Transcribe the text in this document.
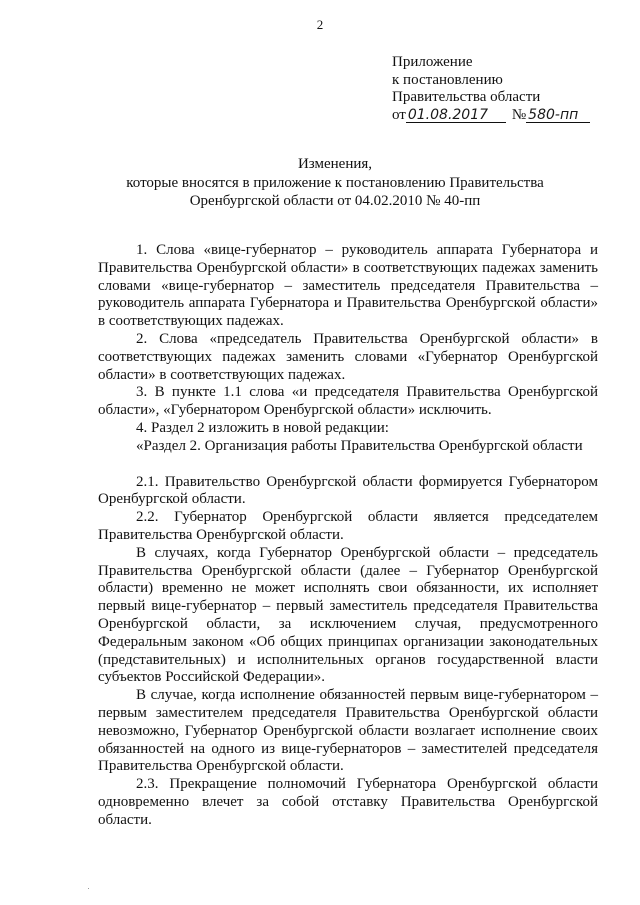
2
Приложение
к постановлению
Правительства области
от 01.08.2017	№ 580-пп
Изменения,
которые вносятся в приложение к постановлению Правительства
Оренбургской области от 04.02.2010 № 40-пп

1. Слова «вице-губернатор – руководитель аппарата Губернатора и Правительства Оренбургской области» в соответствующих падежах заменить словами «вице-губернатор – заместитель председателя Правительства – руководитель аппарата Губернатора и Правительства Оренбургской области» в соответствующих падежах.

2. Слова «председатель Правительства Оренбургской области» в соответствующих падежах заменить словами «Губернатор Оренбургской области» в соответствующих падежах.

3. В пункте 1.1 слова «и председателя Правительства Оренбургской области», «Губернатором Оренбургской области» исключить.

4. Раздел 2 изложить в новой редакции:

«Раздел 2. Организация работы Правительства Оренбургской области

2.1. Правительство Оренбургской области формируется Губернатором Оренбургской области.

2.2. Губернатор Оренбургской области является председателем Правительства Оренбургской области.

В случаях, когда Губернатор Оренбургской области – председатель Правительства Оренбургской области (далее – Губернатор Оренбургской области) временно не может исполнять свои обязанности, их исполняет первый вице-губернатор – первый заместитель председателя Правительства Оренбургской области, за исключением случая, предусмотренного Федеральным законом «Об общих принципах организации законодательных (представительных) и исполнительных органов государственной власти субъектов Российской Федерации».

В случае, когда исполнение обязанностей первым вице-губернатором – первым заместителем председателя Правительства Оренбургской области невозможно, Губернатор Оренбургской области возлагает исполнение своих обязанностей на одного из вице-губернаторов – заместителей председателя Правительства Оренбургской области.

2.3. Прекращение полномочий Губернатора Оренбургской области одновременно влечет за собой отставку Правительства Оренбургской области.
